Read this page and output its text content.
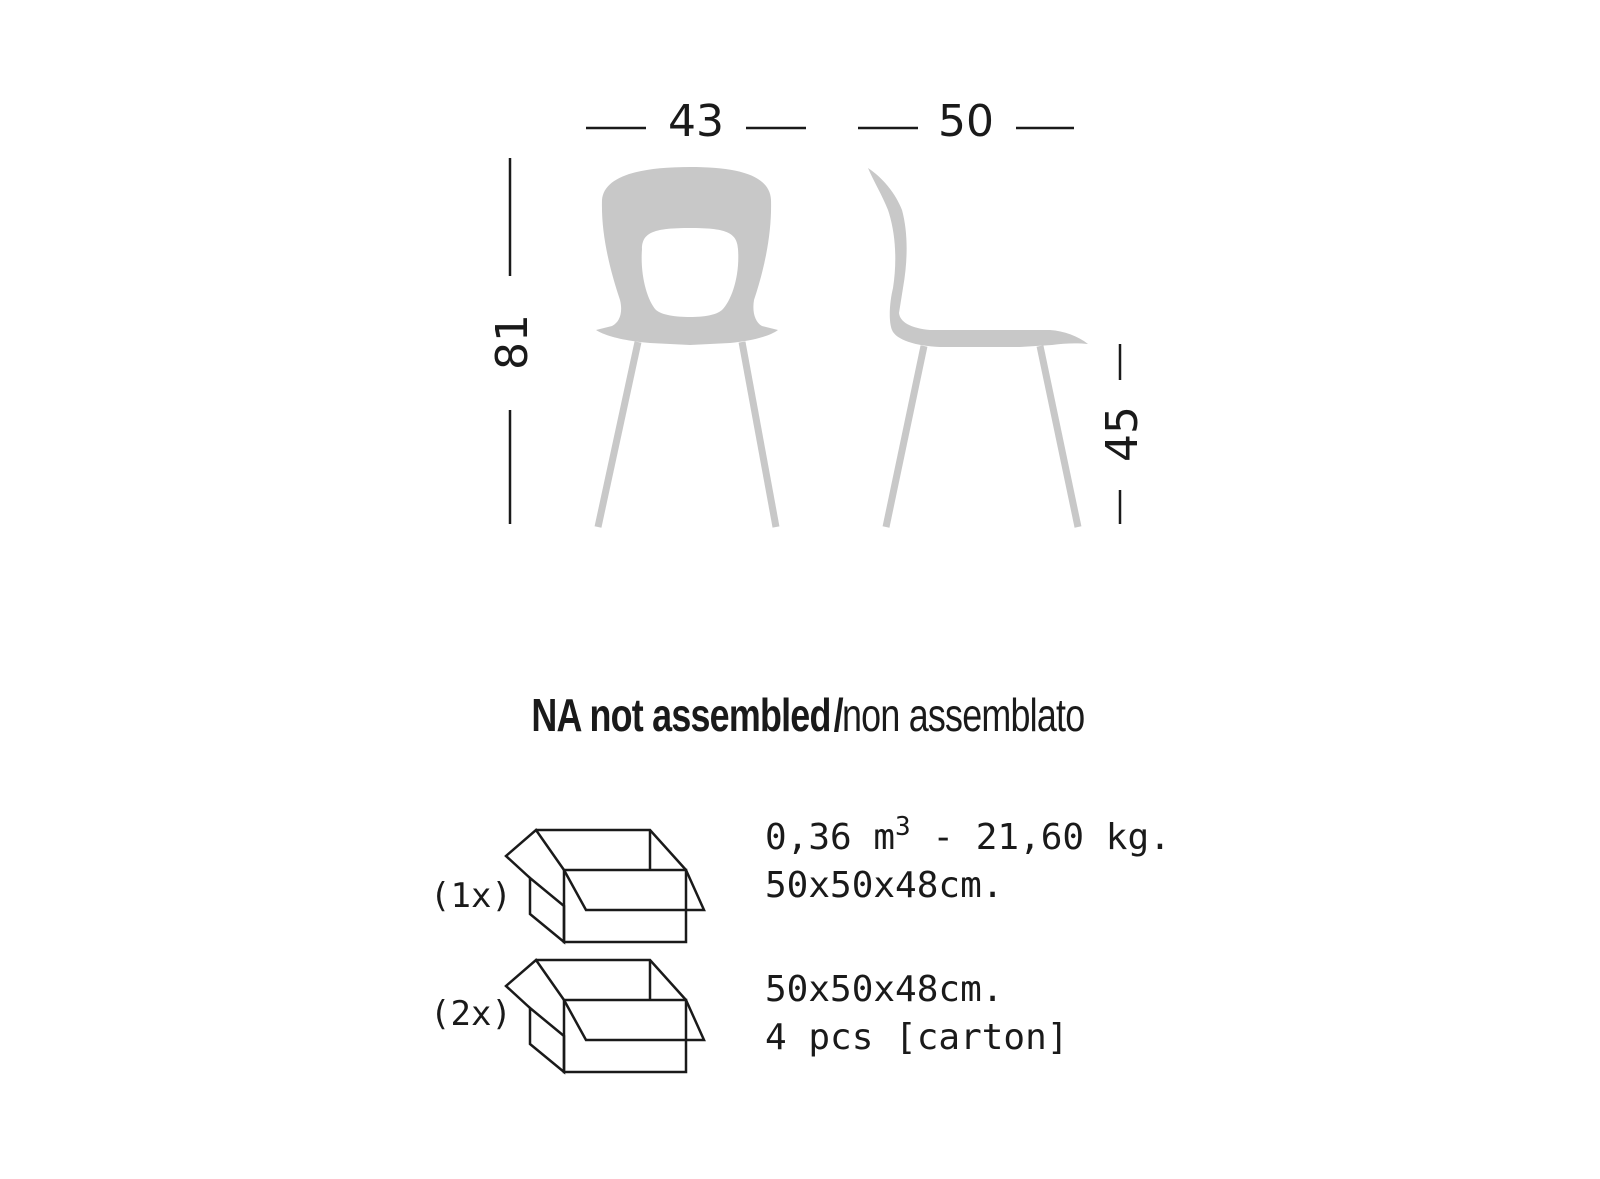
43	50
81
45
NA not assembled/non assemblato
(1x)
0,36 $m^3 - 21,60$ kg.
50x50x48cm.
(2x)
50x50x48cm.
4 pcs [carton]
